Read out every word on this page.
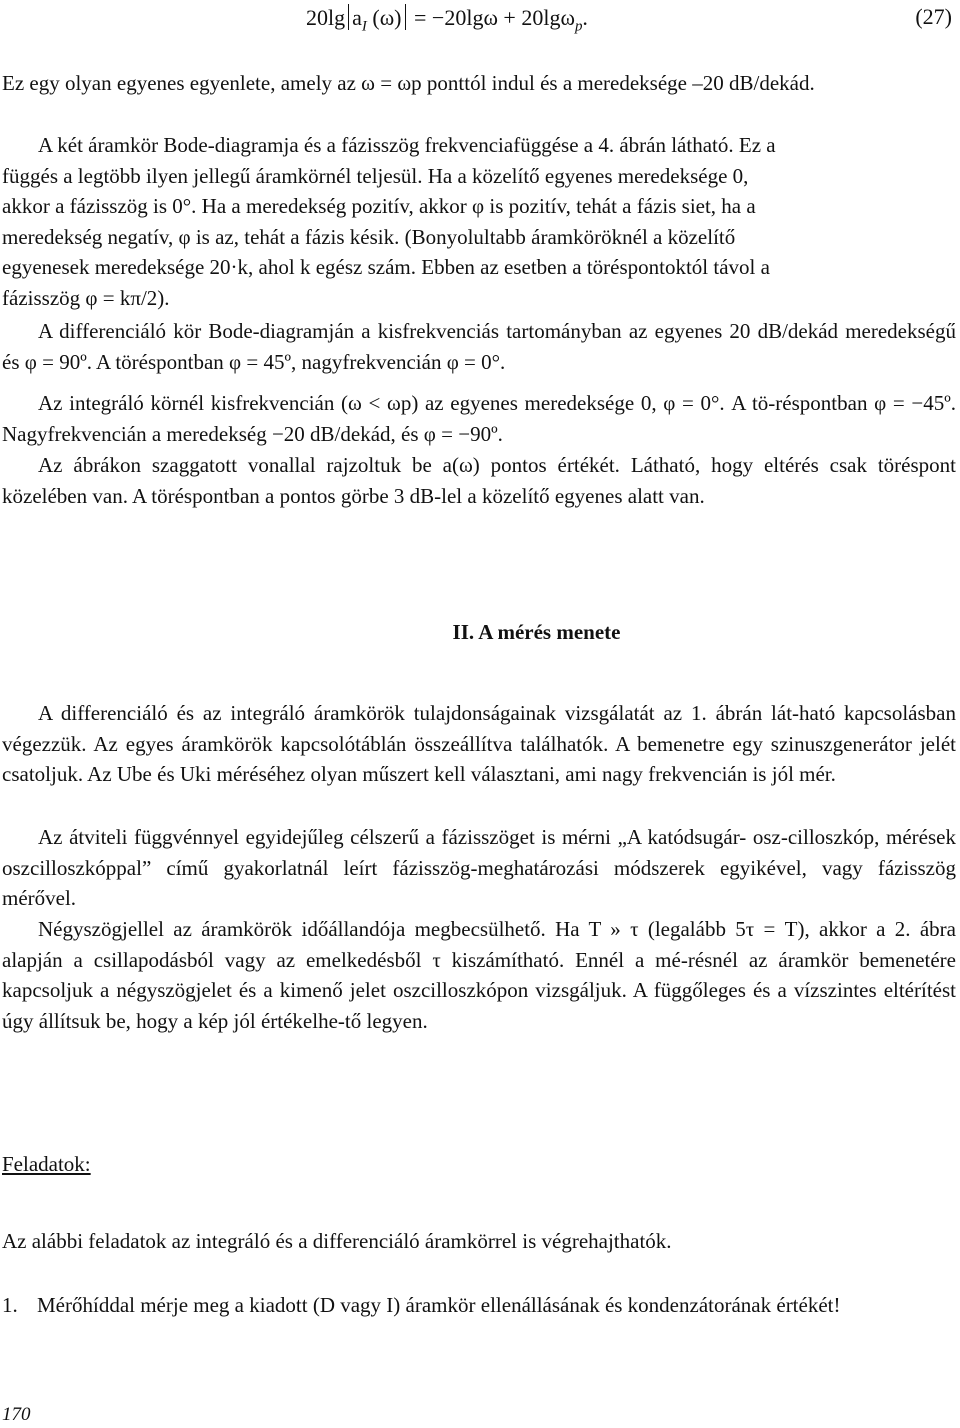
20lg $a_I$ (ω) = −20lgω + 20lgω$_p$.	(27)

Ez egy olyan egyenes egyenlete, amely az ω = ωp ponttól indul és a meredeksége –20 dB/dekád.

A két áramkör Bode-diagramja és a fázisszög frekvenciafüggése a 4. ábrán látható. Ez a
függés a legtöbb ilyen jellegű áramkörnél teljesül. Ha a közelítő egyenes meredeksége 0,
akkor a fázisszög is 0°. Ha a meredekség pozitív, akkor φ is pozitív, tehát a fázis siet, ha a
meredekség negatív, φ is az, tehát a fázis késik. (Bonyolultabb áramköröknél a közelítő
egyenesek meredeksége 20·k, ahol k egész szám. Ebben az esetben a töréspontoktól távol a
fázisszög φ = kπ/2).

A differenciáló kör Bode-diagramján a kisfrekvenciás tartományban az egyenes 20 dB/dekád meredekségű és φ = 90º. A töréspontban φ = 45º, nagyfrekvencián φ = 0°.

Az integráló körnél kisfrekvencián (ω < ωp) az egyenes meredeksége 0, φ = 0°. A tö-réspontban φ = −45º. Nagyfrekvencián a meredekség −20 dB/dekád, és φ = −90º.

Az ábrákon szaggatott vonallal rajzoltuk be a(ω) pontos értékét. Látható, hogy eltérés csak töréspont közelében van. A töréspontban a pontos görbe 3 dB-lel a közelítő egyenes alatt van.

II. A mérés menete

A differenciáló és az integráló áramkörök tulajdonságainak vizsgálatát az 1. ábrán lát-ható kapcsolásban végezzük. Az egyes áramkörök kapcsolótáblán összeállítva találhatók. A bemenetre egy szinuszgenerátor jelét csatoljuk. Az Ube és Uki méréséhez olyan műszert kell választani, ami nagy frekvencián is jól mér.

Az átviteli függvénnyel egyidejűleg célszerű a fázisszöget is mérni „A katódsugár- osz-cilloszkóp, mérések oszcilloszkóppal” című gyakorlatnál leírt fázisszög-meghatározási módszerek egyikével, vagy fázisszög mérővel.

Négyszögjellel az áramkörök időállandója megbecsülhető. Ha T » τ (legalább 5τ = T), akkor a 2. ábra alapján a csillapodásból vagy az emelkedésből τ kiszámítható. Ennél a mé-résnél az áramkör bemenetére kapcsoljuk a négyszögjelet és a kimenő jelet oszcilloszkópon vizsgáljuk. A függőleges és a vízszintes eltérítést úgy állítsuk be, hogy a kép jól értékelhe-tő legyen.

Feladatok:

Az alábbi feladatok az integráló és a differenciáló áramkörrel is végrehajthatók.

1. Mérőhíddal mérje meg a kiadott (D vagy I) áramkör ellenállásának és kondenzátorának értékét!
170
